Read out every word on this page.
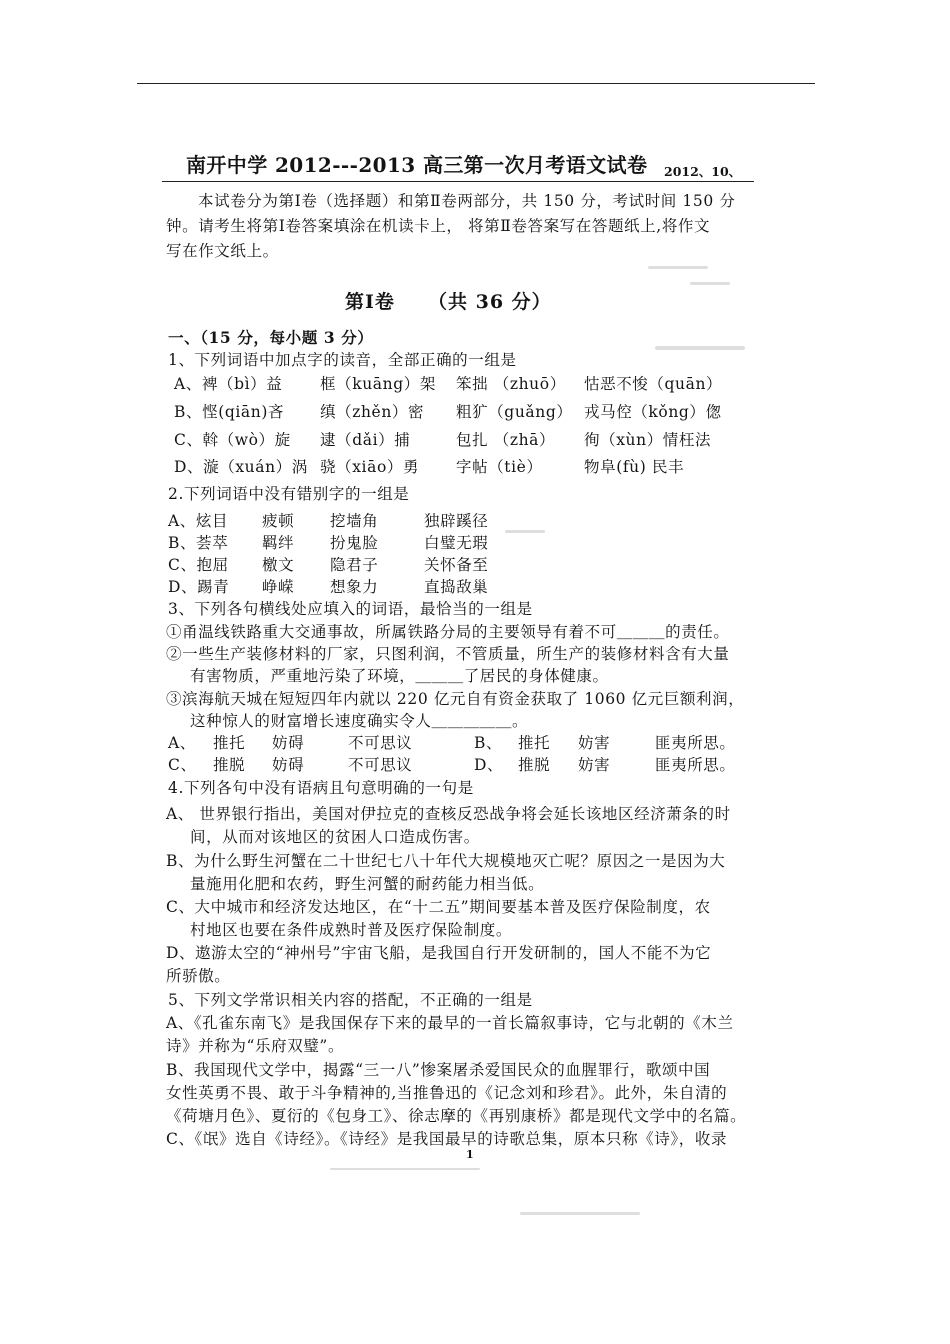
南开中学 2012---2013 高三第一次月考语文试卷 2012、10、
本试卷分为第Ⅰ卷（选择题）和第Ⅱ卷两部分，共 150 分，考试时间 150 分
钟。请考生将第Ⅰ卷答案填涂在机读卡上， 将第Ⅱ卷答案写在答题纸上,将作文
写在作文纸上。
第Ⅰ卷 （共 36 分）
一、（15 分，每小题 3 分）
1、下列词语中加点字的读音，全部正确的一组是
A、裨（bì）益 框（kuāng）架 笨拙 （zhuō） 怙恶不悛（quān）
B、悭(qiān)吝 缜（zhěn）密 粗犷（guǎng） 戎马倥（kǒng）偬
C、斡（wò）旋 逮（dǎi）捕	包扎 （zhā） 徇（xùn）情枉法
D、漩（xuán）涡 骁（xiāo）勇 字帖（tiè）	物阜(fù) 民丰
2.下列词语中没有错别字的一组是
A、炫目 疲顿 挖墙角	独辟蹊径
B、荟萃 羁绊 扮鬼脸	白璧无瑕
C、抱屈 檄文 隐君子	关怀备至
D、踢青 峥嵘 想象力	直捣敌巢
3、下列各句横线处应填入的词语，最恰当的一组是
①甬温线铁路重大交通事故，所属铁路分局的主要领导有着不可＿＿＿的责任。
②一些生产装修材料的厂家，只图利润，不管质量，所生产的装修材料含有大量
有害物质，严重地污染了环境，＿＿＿了居民的身体健康。
③滨海航天城在短短四年内就以 220 亿元自有资金获取了 1060 亿元巨额利润，
这种惊人的财富增长速度确实令人＿＿＿＿＿。
A、 推托 妨碍	不可思议	B、 推托 妨害	匪夷所思。
C、 推脱 妨碍	不可思议	D、 推脱 妨害	匪夷所思。
4.下列各句中没有语病且句意明确的一句是
A、 世界银行指出，美国对伊拉克的查核反恐战争将会延长该地区经济萧条的时
间，从而对该地区的贫困人口造成伤害。
B、为什么野生河蟹在二十世纪七八十年代大规模地灭亡呢？原因之一是因为大
量施用化肥和农药，野生河蟹的耐药能力相当低。
C、大中城市和经济发达地区，在“十二五”期间要基本普及医疗保险制度，农
村地区也要在条件成熟时普及医疗保险制度。
D、遨游太空的“神州号”宇宙飞船，是我国自行开发研制的，国人不能不为它
所骄傲。
5、下列文学常识相关内容的搭配，不正确的一组是
A、《孔雀东南飞》是我国保存下来的最早的一首长篇叙事诗，它与北朝的《木兰
诗》并称为“乐府双璧”。
B、我国现代文学中，揭露“三一八”惨案屠杀爱国民众的血腥罪行，歌颂中国
女性英勇不畏、敢于斗争精神的,当推鲁迅的《记念刘和珍君》。此外，朱自清的
《荷塘月色》、夏衍的《包身工》、徐志摩的《再别康桥》都是现代文学中的名篇。
C、《氓》选自《诗经》。《诗经》是我国最早的诗歌总集，原本只称《诗》，收录
1
